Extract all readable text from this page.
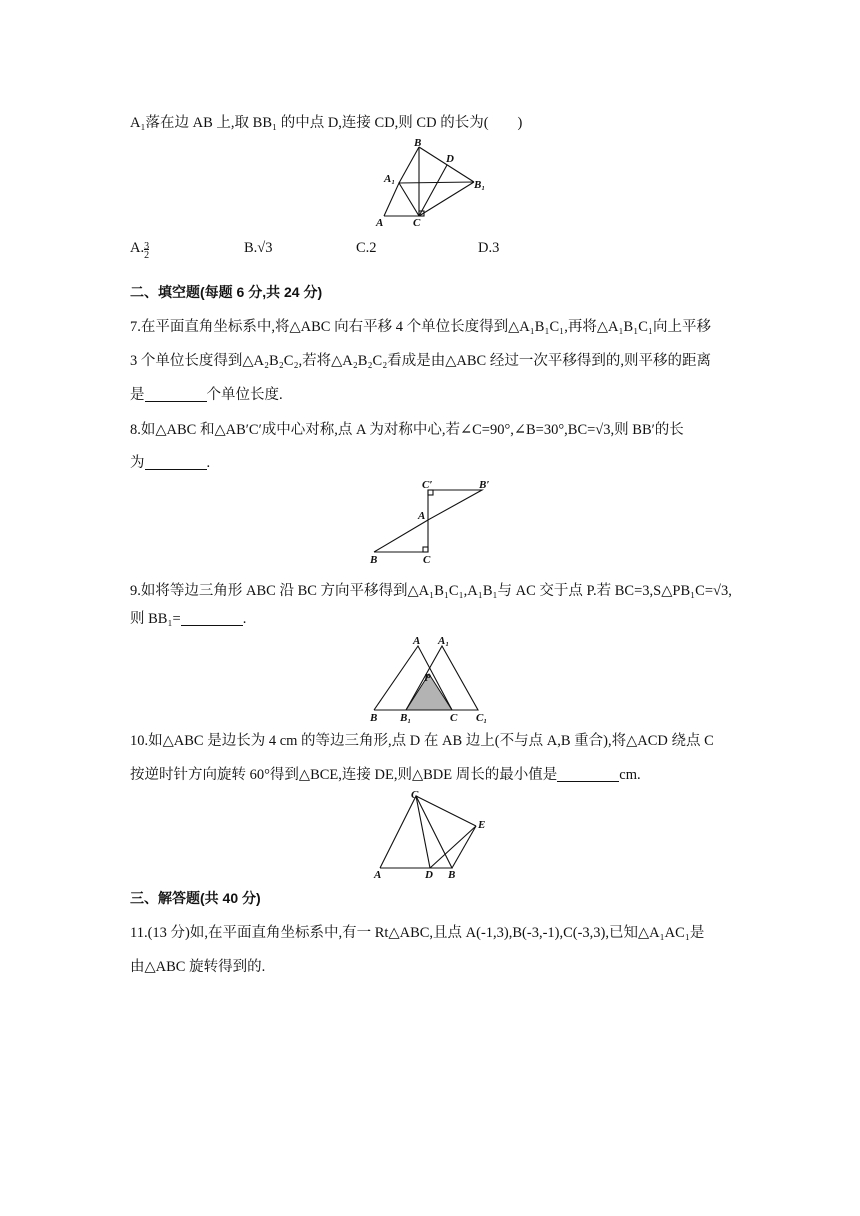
A₁落在边 AB 上,取 BB₁ 的中点 D,连接 CD,则 CD 的长为(　　)
B
D
A₁	B₁
A	C
A.3
2	B.√3	C.2	D.3
二、填空题(每题 6 分,共 24 分)
7.在平面直角坐标系中,将△ABC 向右平移 4 个单位长度得到△A₁B₁C₁,再将△A₁B₁C₁向上平移
3 个单位长度得到△A₂B₂C₂,若将△A₂B₂C₂看成是由△ABC 经过一次平移得到的,则平移的距离
是	个单位长度.
8.如△ABC 和△AB′C′成中心对称,点 A 为对称中心,若∠C=90°,∠B=30°,BC=√3,则 BB′的长
为	.
C′	B′
A
B	C
9.如将等边三角形 ABC 沿 BC 方向平移得到△A₁B₁C₁,A₁B₁与 AC 交于点 P.若 BC=3,S△PB₁C=√3,
则 BB₁=	.
A A₁
P
B B₁	C C₁
10.如△ABC 是边长为 4 cm 的等边三角形,点 D 在 AB 边上(不与点 A,B 重合),将△ACD 绕点 C
按逆时针方向旋转 60°得到△BCE,连接 DE,则△BDE 周长的最小值是	cm.
C
E
A	D B
三、解答题(共 40 分)
11.(13 分)如,在平面直角坐标系中,有一 Rt△ABC,且点 A(-1,3),B(-3,-1),C(-3,3),已知△A₁AC₁是
由△ABC 旋转得到的.
